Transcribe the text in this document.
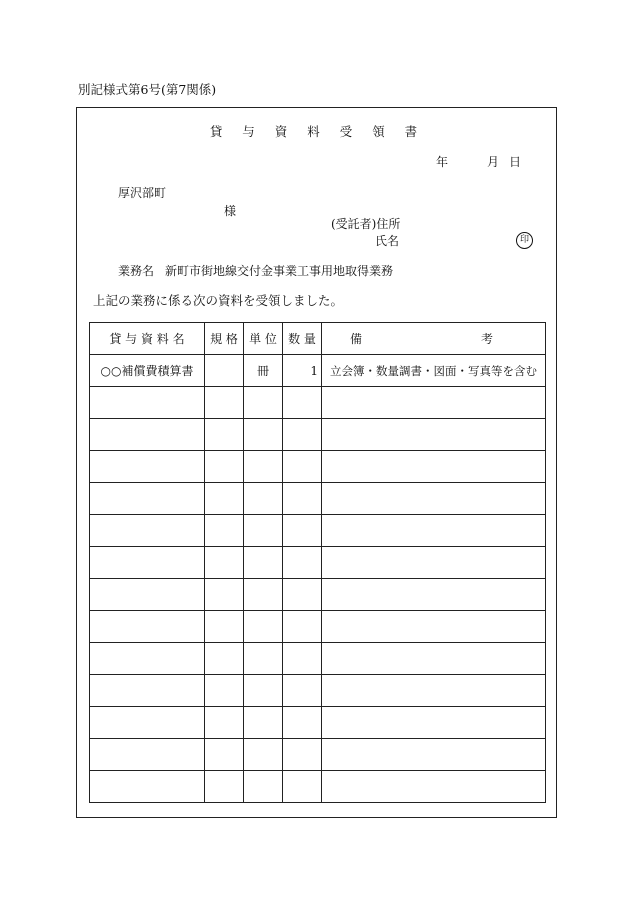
別記様式第6号(第7関係)
貸 与 資 料 受 領 書
年	月 日
厚沢部町
様
(受託者)住所
氏名	印
業務名 新町市街地線交付金事業工事用地取得業務
上記の業務に係る次の資料を受領しました。
貸 与 資 料 名	規 格	単 位	数 量	備 考

○○補償費積算書		冊	1	立会簿・数量調書・図面・写真等を含む
